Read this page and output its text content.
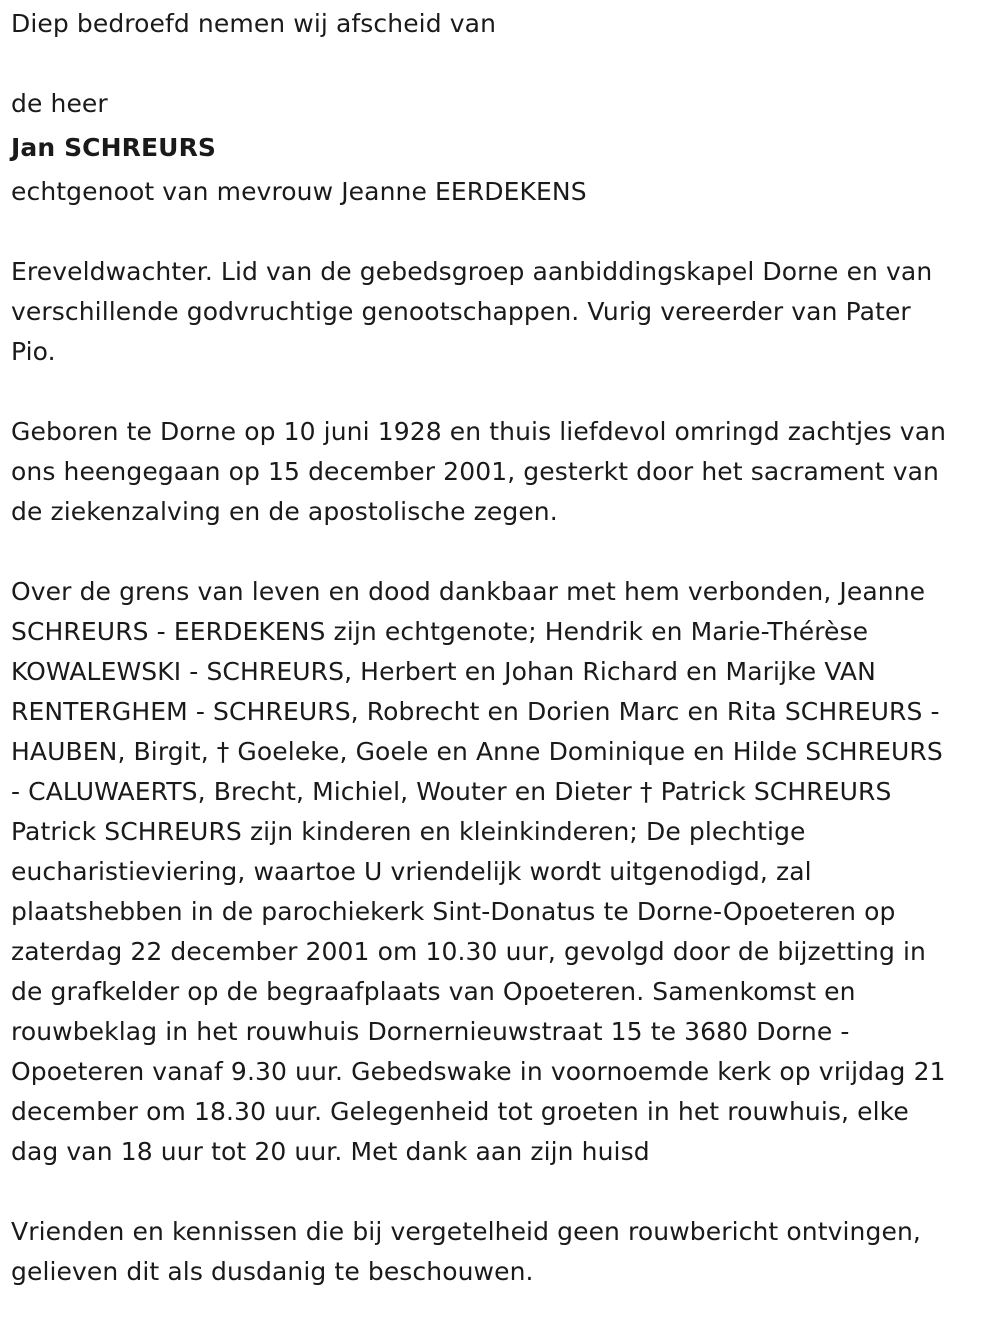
Diep bedroefd nemen wij afscheid van
de heer
Jan SCHREURS
echtgenoot van mevrouw Jeanne EERDEKENS
Ereveldwachter. Lid van de gebedsgroep aanbiddingskapel Dorne en van
verschillende godvruchtige genootschappen. Vurig vereerder van Pater
Pio.
Geboren te Dorne op 10 juni 1928 en thuis liefdevol omringd zachtjes van
ons heengegaan op 15 december 2001, gesterkt door het sacrament van
de ziekenzalving en de apostolische zegen.
Over de grens van leven en dood dankbaar met hem verbonden, Jeanne
SCHREURS - EERDEKENS zijn echtgenote; Hendrik en Marie-Thérèse
KOWALEWSKI - SCHREURS, Herbert en Johan Richard en Marijke VAN
RENTERGHEM - SCHREURS, Robrecht en Dorien Marc en Rita SCHREURS -
HAUBEN, Birgit, † Goeleke, Goele en Anne Dominique en Hilde SCHREURS
- CALUWAERTS, Brecht, Michiel, Wouter en Dieter † Patrick SCHREURS
Patrick SCHREURS zijn kinderen en kleinkinderen; De plechtige
eucharistieviering, waartoe U vriendelijk wordt uitgenodigd, zal
plaatshebben in de parochiekerk Sint-Donatus te Dorne-Opoeteren op
zaterdag 22 december 2001 om 10.30 uur, gevolgd door de bijzetting in
de grafkelder op de begraafplaats van Opoeteren. Samenkomst en
rouwbeklag in het rouwhuis Dornernieuwstraat 15 te 3680 Dorne -
Opoeteren vanaf 9.30 uur. Gebedswake in voornoemde kerk op vrijdag 21
december om 18.30 uur. Gelegenheid tot groeten in het rouwhuis, elke
dag van 18 uur tot 20 uur. Met dank aan zijn huisd
Vrienden en kennissen die bij vergetelheid geen rouwbericht ontvingen,
gelieven dit als dusdanig te beschouwen.
